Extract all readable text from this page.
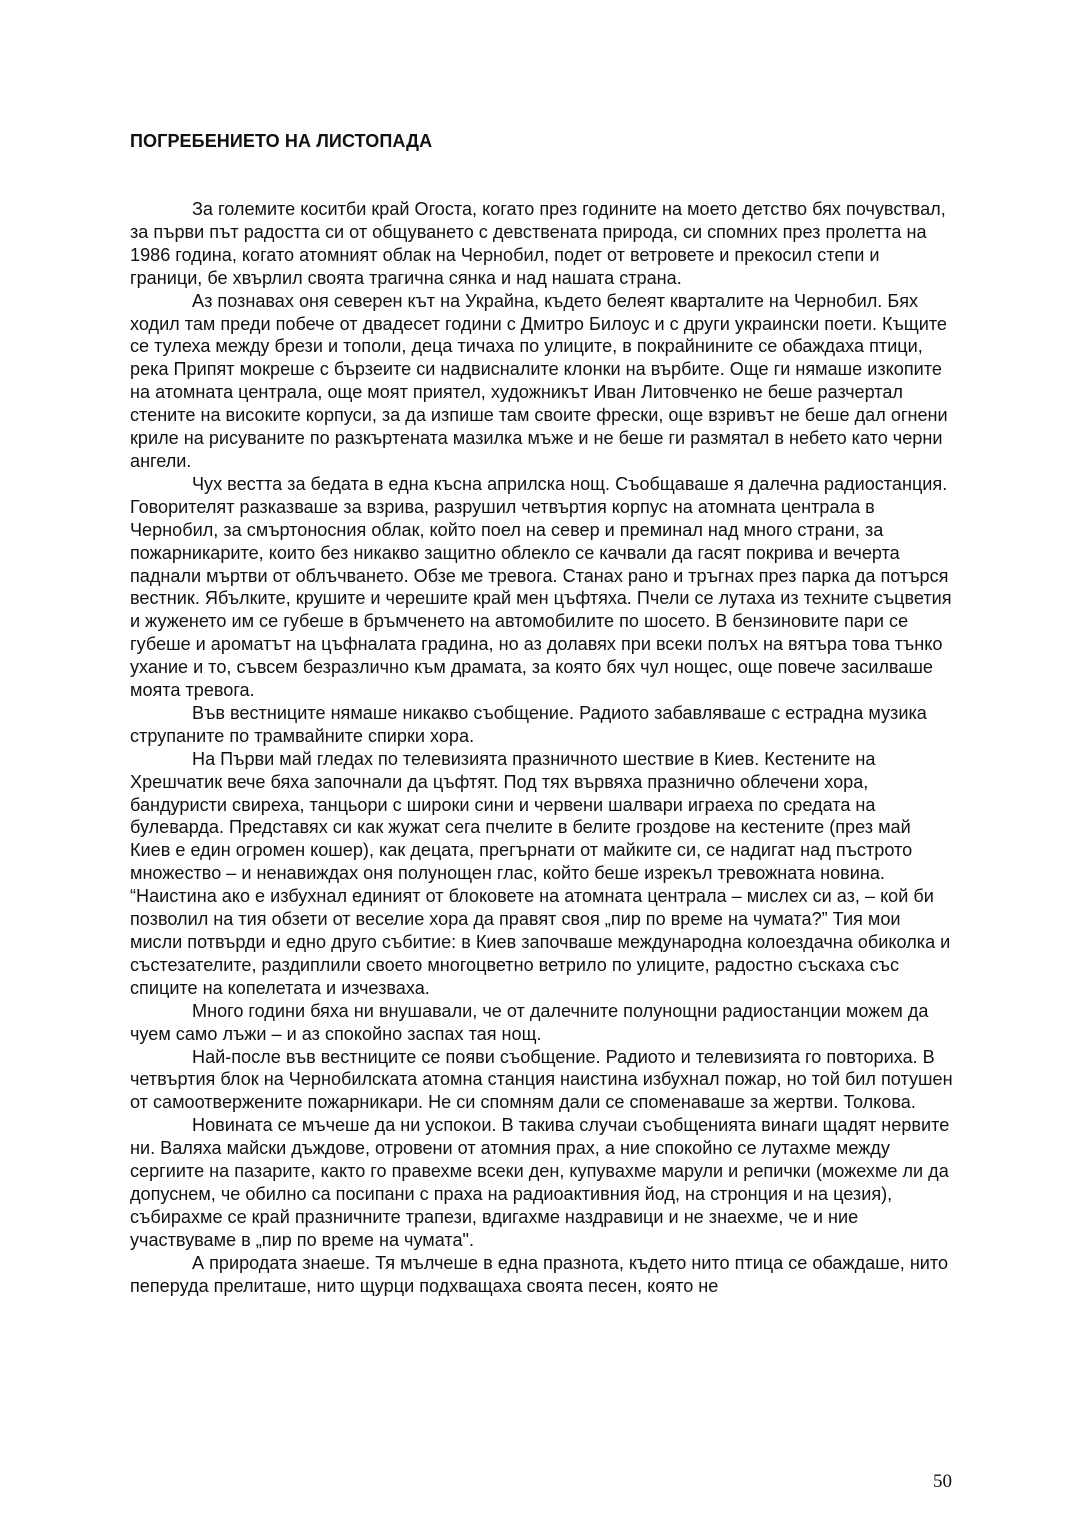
ПОГРЕБЕНИЕТО НА ЛИСТОПАДА

За големите коситби край Огоста, когато през годините на моето детство бях почувствал, за първи път радостта си от общуването с девствената природа, си спомних през пролетта на 1986 година, когато атомният облак на Чернобил, подет от ветровете и прекосил степи и граници, бе хвърлил своята трагична сянка и над нашата страна.

Аз познавах оня северен кът на Украйна, където белеят кварталите на Чернобил. Бях ходил там преди побече от двадесет години с Дмитро Билоус и с други украински поети. Къщите се тулеха между брези и тополи, деца тичаха по улиците, в покрайнините се обаждаха птици, река Припят мокреше с бързеите си надвисналите клонки на върбите. Още ги нямаше изкопите на атомната централа, още моят приятел, художникът Иван Литовченко не беше разчертал стените на високите корпуси, за да изпише там своите фрески, още взривът не беше дал огнени криле на рисуваните по разкъртената мазилка мъже и не беше ги размятал в небето като черни ангели.

Чух вестта за бедата в една късна априлска нощ. Съобщаваше я далечна радиостанция. Говорителят разказваше за взрива, разрушил четвъртия корпус на атомната централа в Чернобил, за смъртоносния облак, който поел на север и преминал над много страни, за пожарникарите, които без никакво защитно облекло се качвали да гасят покрива и вечерта паднали мъртви от облъчването. Обзе ме тревога. Станах рано и тръгнах през парка да потърся вестник. Ябълките, крушите и черешите край мен цъфтяха. Пчели се лутаха из техните съцветия и жуженето им се губеше в бръмченето на автомобилите по шосето. В бензиновите пари се губеше и ароматът на цъфналата градина, но аз долавях при всеки полъх на вятъра това тънко ухание и то, съвсем безразлично към драмата, за която бях чул нощес, още повече засилваше моята тревога.

Във вестниците нямаше никакво съобщение. Радиото забавляваше с естрадна музика струпаните по трамвайните спирки хора.

На Първи май гледах по телевизията празничното шествие в Киев. Кестените на Хрешчатик вече бяха започнали да цъфтят. Под тях вървяха празнично облечени хора, бандуристи свиреха, танцьори с широки сини и червени шалвари играеха по средата на булеварда. Представях си как жужат сега пчелите в белите гроздове на кестените (през май Киев е един огромен кошер), как децата, прегърнати от майките си, се надигат над пъстрото множество – и ненавиждах оня полунощен глас, който беше изрекъл тревожната новина. “Наистина ако е избухнал единият от блоковете на атомната централа – мислех си аз, – кой би позволил на тия обзети от веселие хора да правят своя „пир по време на чумата?” Тия мои мисли потвърди и едно друго събитие: в Киев започваше международна колоездачна обиколка и състезателите, раздиплили своето многоцветно ветрило по улиците, радостно съскаха със спиците на копелетата и изчезваха.

Много години бяха ни внушавали, че от далечните полунощни радиостанции можем да чуем само лъжи – и аз спокойно заспах тая нощ.

Най-после във вестниците се появи съобщение. Радиото и телевизията го повториха. В четвъртия блок на Чернобилската атомна станция наистина избухнал пожар, но той бил потушен от самоотвержените пожарникари. Не си спомням дали се споменаваше за жертви. Толкова.

Новината се мъчеше да ни успокои. В такива случаи съобщенията винаги щадят нервите ни. Валяха майски дъждове, отровени от атомния прах, а ние спокойно се лутахме между сергиите на пазарите, както го правехме всеки ден, купувахме марули и репички (можехме ли да допуснем, че обилно са посипани с праха на радиоактивния йод, на стронция и на цезия), събирахме се край празничните трапези, вдигахме наздравици и не знаехме, че и ние участвуваме в „пир по време на чумата".

А природата знаеше. Тя мълчеше в една празнота, където нито птица се обаждаше, нито пеперуда прелиташе, нито щурци подхващаха своята песен, която не

50
